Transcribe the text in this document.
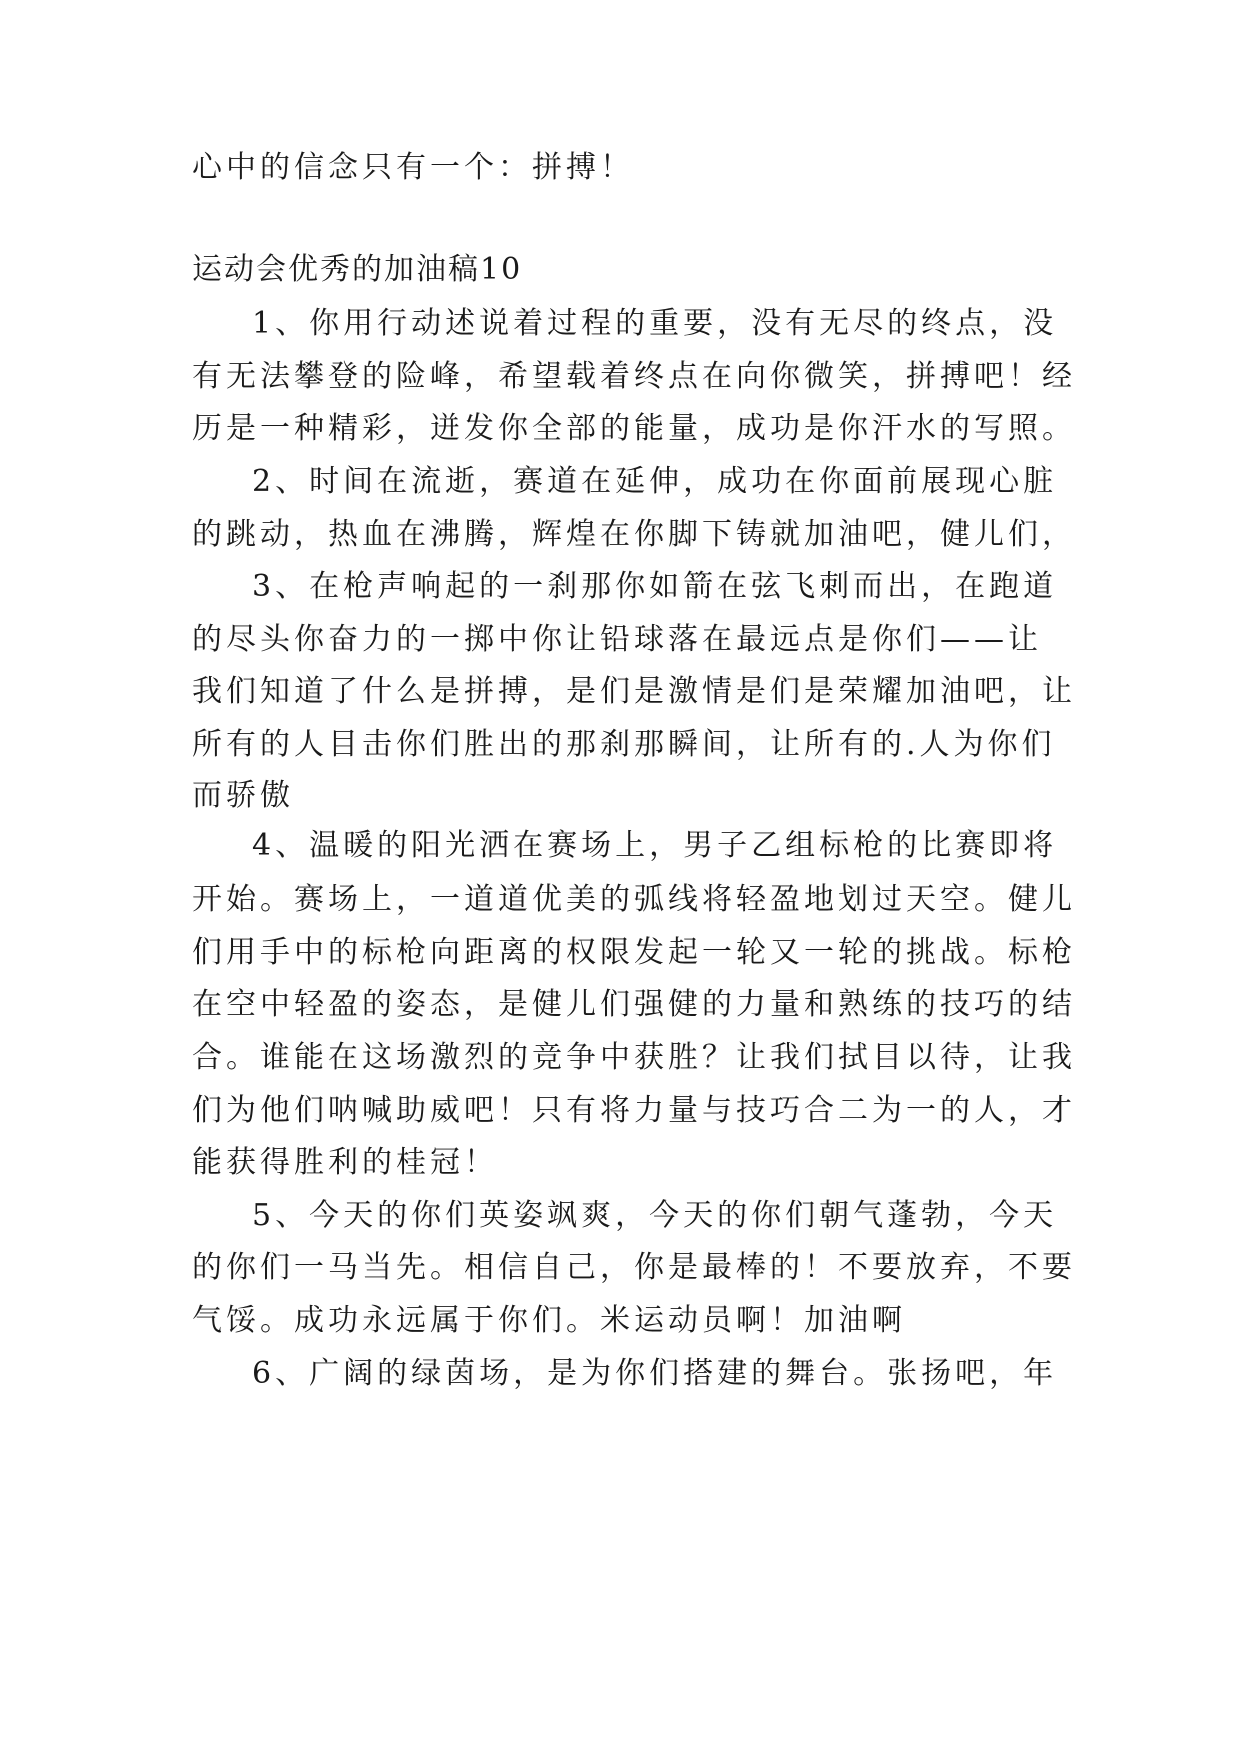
心中的信念只有一个：拼搏！
运动会优秀的加油稿10
1、你用行动述说着过程的重要，没有无尽的终点，没
有无法攀登的险峰，希望载着终点在向你微笑，拼搏吧！经
历是一种精彩，迸发你全部的能量，成功是你汗水的写照。
2、时间在流逝，赛道在延伸，成功在你面前展现心脏
的跳动，热血在沸腾，辉煌在你脚下铸就加油吧，健儿们，
3、在枪声响起的一刹那你如箭在弦飞刺而出，在跑道
的尽头你奋力的一掷中你让铅球落在最远点是你们——让
我们知道了什么是拼搏，是们是激情是们是荣耀加油吧，让
所有的人目击你们胜出的那刹那瞬间，让所有的.人为你们
而骄傲
4、温暖的阳光洒在赛场上，男子乙组标枪的比赛即将
开始。赛场上，一道道优美的弧线将轻盈地划过天空。健儿
们用手中的标枪向距离的权限发起一轮又一轮的挑战。标枪
在空中轻盈的姿态，是健儿们强健的力量和熟练的技巧的结
合。谁能在这场激烈的竞争中获胜？让我们拭目以待，让我
们为他们呐喊助威吧！只有将力量与技巧合二为一的人，才
能获得胜利的桂冠！
5、今天的你们英姿飒爽，今天的你们朝气蓬勃，今天
的你们一马当先。相信自己，你是最棒的！不要放弃，不要
气馁。成功永远属于你们。米运动员啊！加油啊
6、广阔的绿茵场，是为你们搭建的舞台。张扬吧，年
